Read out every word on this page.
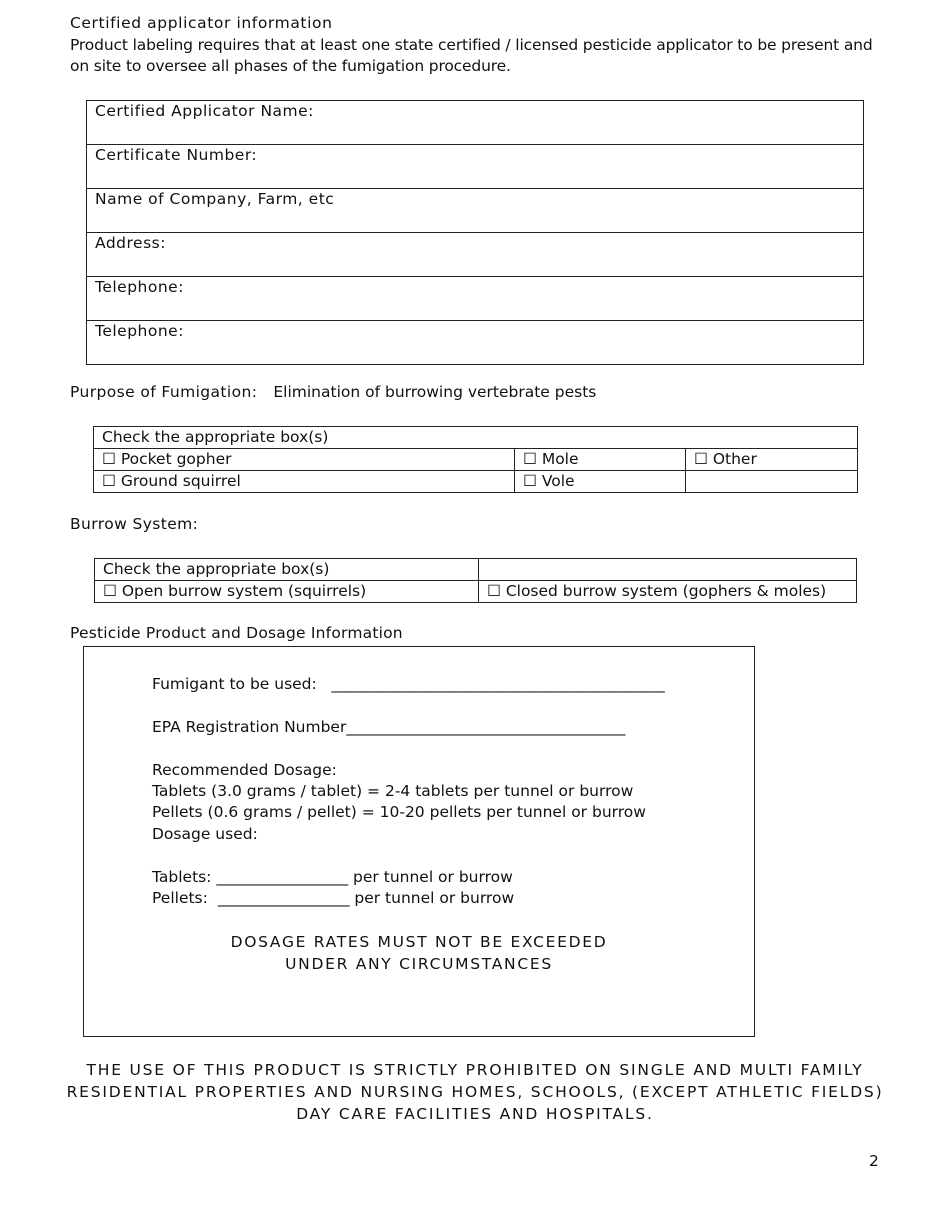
Certified applicator information
Product labeling requires that at least one state certified / licensed pesticide applicator to be present and on site to oversee all phases of the fumigation procedure.
Certified Applicator Name:
Certificate Number:
Name of Company, Farm, etc
Address:
Telephone:
Telephone:
Purpose of Fumigation: Elimination of burrowing vertebrate pests
Check the appropriate box(s)		
☐ Pocket gopher	☐ Mole	☐ Other
☐ Ground squirrel	☐ Vole	
Burrow System:
Check the appropriate box(s)	
☐ Open burrow system (squirrels)	☐ Closed burrow system (gophers & moles)
Pesticide Product and Dosage Information
Fumigant to be used:   ___________________________________________
EPA Registration Number____________________________________
Recommended Dosage:
Tablets (3.0 grams / tablet) = 2-4 tablets per tunnel or burrow
Pellets (0.6 grams / pellet) = 10-20 pellets per tunnel or burrow
Dosage used:
Tablets: _________________ per tunnel or burrow
Pellets:  _________________ per tunnel or burrow
DOSAGE RATES MUST NOT BE EXCEEDED
UNDER ANY CIRCUMSTANCES
THE USE OF THIS PRODUCT IS STRICTLY PROHIBITED ON SINGLE AND MULTI FAMILY RESIDENTIAL PROPERTIES AND NURSING HOMES, SCHOOLS, (EXCEPT ATHLETIC FIELDS) DAY CARE FACILITIES AND HOSPITALS.
2
